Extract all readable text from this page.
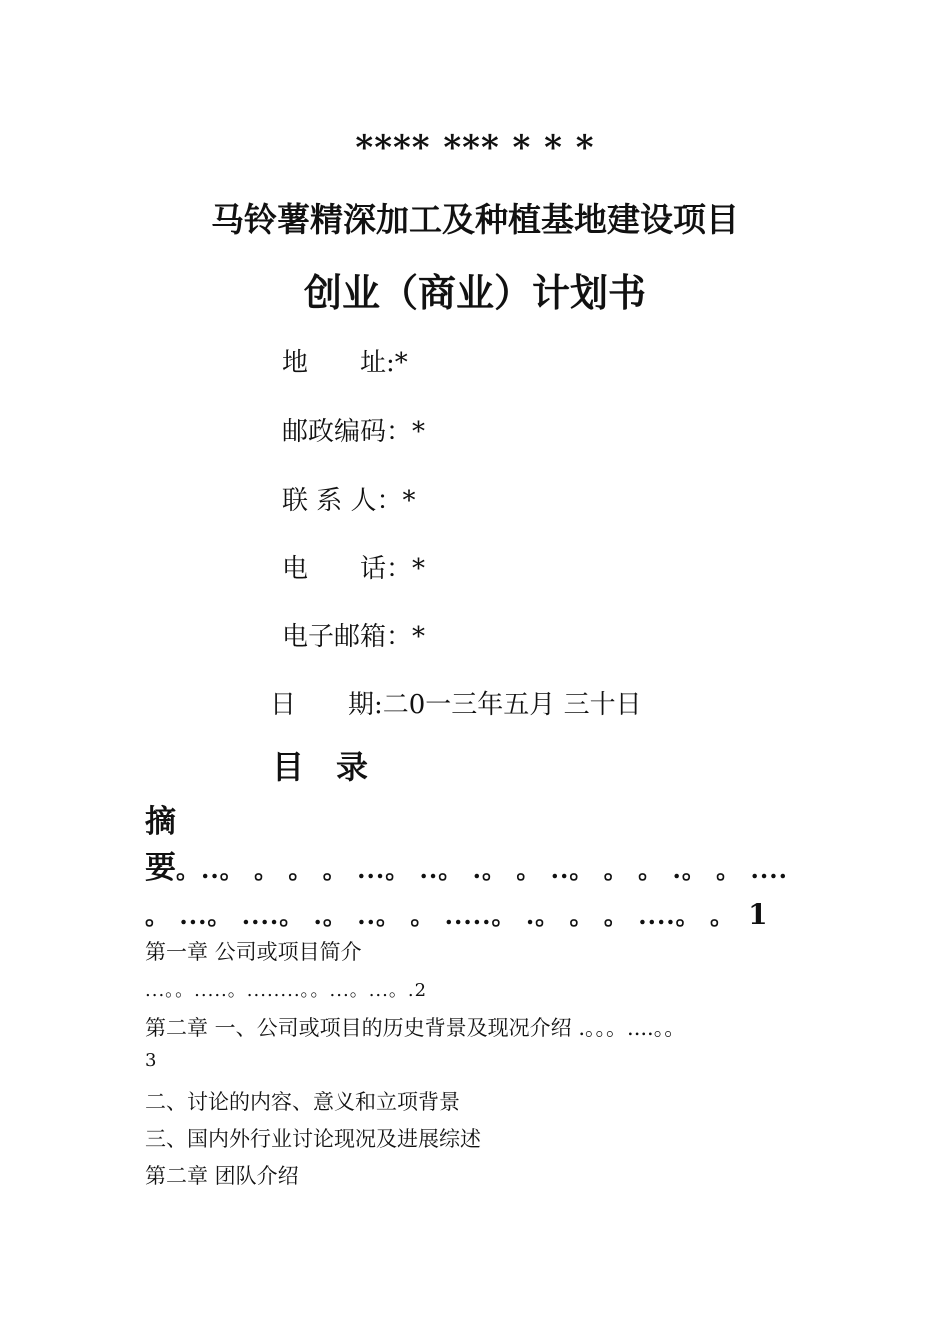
**** *** * * *
马铃薯精深加工及种植基地建设项目
创业（商业）计划书
地　　址:*
邮政编码：*
联 系 人：*
电　　话：*
电子邮箱：*
日　　期:二0一三年五月 三十日
目　录
摘
要。..。 。 。 。 ...。 ..。 .。 。 ..。 。 。 .。 。 ....
。 ...。 ....。 .。 ..。 。 .....。 .。 。 。 ....。 。 1
第一章 公司或项目简介
...。。.....。........。。...。...。.2
第二章 一、公司或项目的历史背景及现况介绍 .。。。....。。
3
二、讨论的内容、意义和立项背景
三、国内外行业讨论现况及进展综述
第二章 团队介绍
